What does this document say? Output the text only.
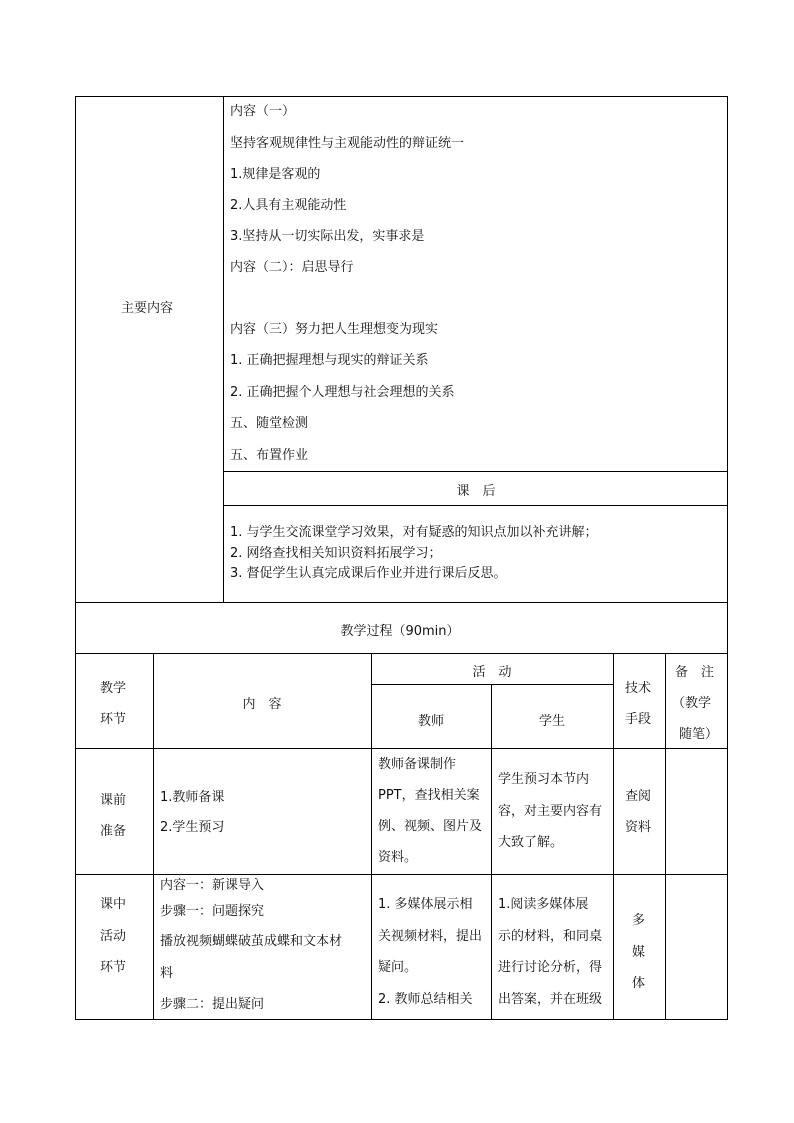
主要内容
内容（一）
坚持客观规律性与主观能动性的辩证统一
1.规律是客观的
2.人具有主观能动性
3.坚持从一切实际出发，实事求是
内容（二）：启思导行
内容（三）努力把人生理想变为现实
1. 正确把握理想与现实的辩证关系
2. 正确把握个人理想与社会理想的关系
五、随堂检测
五、布置作业
课　后
1. 与学生交流课堂学习效果，对有疑惑的知识点加以补充讲解；
2. 网络查找相关知识资料拓展学习；
3. 督促学生认真完成课后作业并进行课后反思。
教学过程（90min）
教学
环节
内　容
活　动
教师	学生
技术
手段
备　注
（教学
随笔）
课前
准备
1.教师备课
2.学生预习
教师备课制作
PPT，查找相关案
例、视频、图片及
资料。
学生预习本节内
容，对主要内容有
大致了解。
查阅
资料
课中
活动
环节
内容一：新课导入
步骤一：问题探究
播放视频蝴蝶破茧成蝶和文本材
料
步骤二：提出疑问
1. 多媒体展示相
关视频材料，提出
疑问。
2. 教师总结相关
1.阅读多媒体展
示的材料，和同桌
进行讨论分析，得
出答案，并在班级
多
媒
体
